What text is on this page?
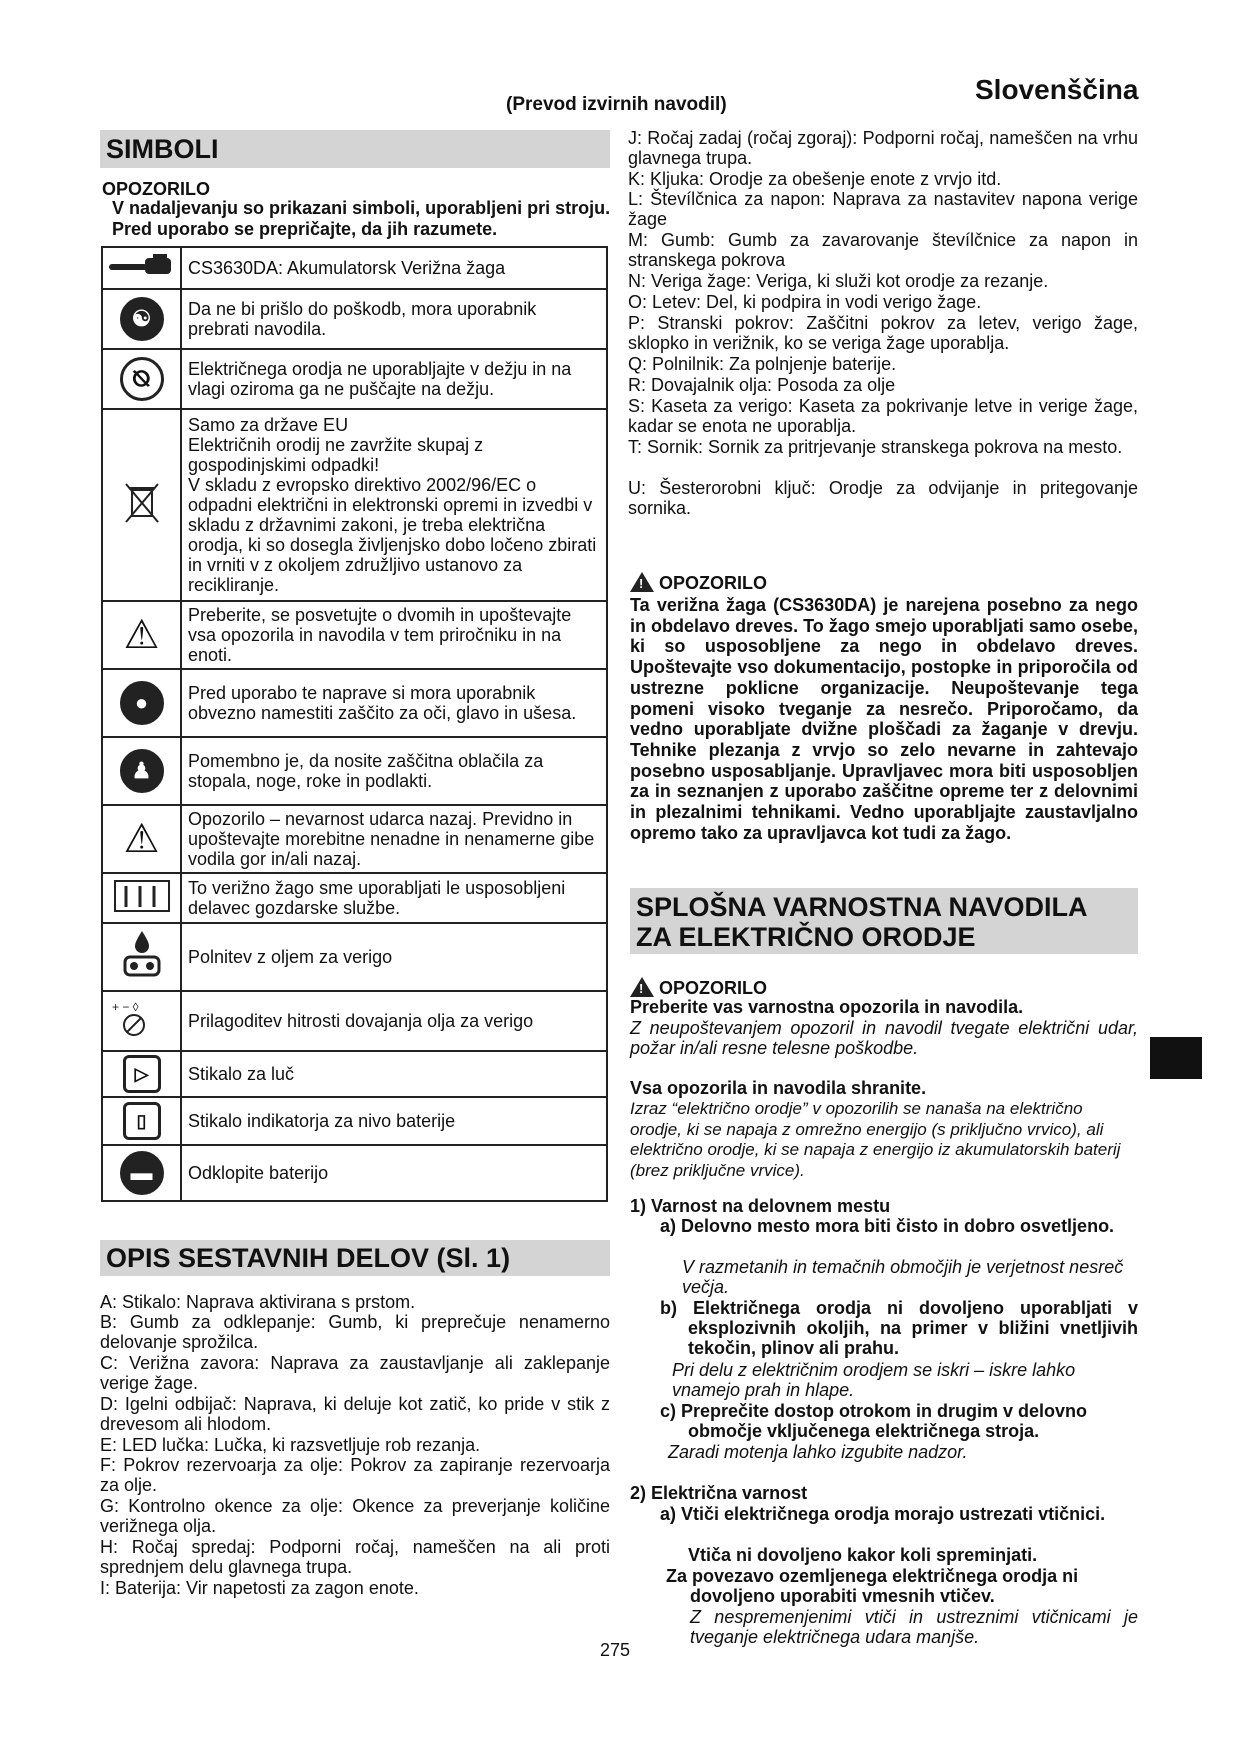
Slovenščina
(Prevod izvirnih navodil)
SIMBOLI
OPOZORILO
V nadaljevanju so prikazani simboli, uporabljeni pri stroju. Pred uporabo se prepričajte, da jih razumete.
	CS3630DA: Akumulatorsk Verižna žaga
☯	Da ne bi prišlo do poškodb, mora uporabnik prebrati navodila.
⦰	Električnega orodja ne uporabljajte v dežju in na vlagi oziroma ga ne puščajte na dežju.
	Samo za države EU
Električnih orodij ne zavržite skupaj z gospodinjskimi odpadki!
V skladu z evropsko direktivo 2002/96/EC o odpadni električni in elektronski opremi in izvedbi v skladu z državnimi zakoni, je treba električna orodja, ki so dosegla življenjsko dobo ločeno zbirati in vrniti v z okoljem združljivo ustanovo za recikliranje.
⚠	Preberite, se posvetujte o dvomih in upoštevajte vsa opozorila in navodila v tem priročniku in na enoti.
●	Pred uporabo te naprave si mora uporabnik obvezno namestiti zaščito za oči, glavo in ušesa.
♟	Pomembno je, da nosite zaščitna oblačila za stopala, noge, roke in podlakti.
⚠	Opozorilo – nevarnost udarca nazaj. Previdno in upoštevajte morebitne nenadne in nenamerne gibe vodila gor in/ali nazaj.
	To verižno žago sme uporabljati le usposobljeni delavec gozdarske službe.
	Polnitev z oljem za verigo

+ − ◊	Prilagoditev hitrosti dovajanja olja za verigo
▷	Stikalo za luč
▯	Stikalo indikatorja za nivo baterije
▬	Odklopite baterijo
OPIS SESTAVNIH DELOV (Sl. 1)
A: Stikalo: Naprava aktivirana s prstom.
B: Gumb za odklepanje: Gumb, ki preprečuje nenamerno delovanje sprožilca.
C: Verižna zavora: Naprava za zaustavljanje ali zaklepanje verige žage.
D: Igelni odbijač: Naprava, ki deluje kot zatič, ko pride v stik z drevesom ali hlodom.
E: LED lučka: Lučka, ki razsvetljuje rob rezanja.
F: Pokrov rezervoarja za olje: Pokrov za zapiranje rezervoarja za olje.
G: Kontrolno okence za olje: Okence za preverjanje količine verižnega olja.
H: Ročaj spredaj: Podporni ročaj, nameščen na ali proti sprednjem delu glavnega trupa.
I: Baterija: Vir napetosti za zagon enote.
J: Ročaj zadaj (ročaj zgoraj): Podporni ročaj, nameščen na vrhu glavnega trupa.
K: Kljuka: Orodje za obešenje enote z vrvjo itd.
L: Števílčnica za napon: Naprava za nastavitev napona verige žage
M: Gumb: Gumb za zavarovanje števílčnice za napon in stranskega pokrova
N: Veriga žage: Veriga, ki služi kot orodje za rezanje.
O: Letev: Del, ki podpira in vodi verigo žage.
P: Stranski pokrov: Zaščitni pokrov za letev, verigo žage, sklopko in verižnik, ko se veriga žage uporablja.
Q: Polnilnik: Za polnjenje baterije.
R: Dovajalnik olja: Posoda za olje
S: Kaseta za verigo: Kaseta za pokrivanje letve in verige žage, kadar se enota ne uporablja.
T: Sornik: Sornik za pritrjevanje stranskega pokrova na mesto.
U: Šesterorobni ključ: Orodje za odvijanje in pritegovanje sornika.
!OPOZORILO
Ta verižna žaga (CS3630DA) je narejena posebno za nego in obdelavo dreves. To žago smejo uporabljati samo osebe, ki so usposobljene za nego in obdelavo dreves. Upoštevajte vso dokumentacijo, postopke in priporočila od ustrezne poklicne organizacije. Neupoštevanje tega pomeni visoko tveganje za nesrečo. Priporočamo, da vedno uporabljate dvižne ploščadi za žaganje v drevju. Tehnike plezanja z vrvjo so zelo nevarne in zahtevajo posebno usposabljanje. Upravljavec mora biti usposobljen za in seznanjen z uporabo zaščitne opreme ter z delovnimi in plezalnimi tehnikami. Vedno uporabljajte zaustavljalno opremo tako za upravljavca kot tudi za žago.
SPLOŠNA VARNOSTNA NAVODILA
ZA ELEKTRIČNO ORODJE
!OPOZORILO
Preberite vas varnostna opozorila in navodila.
Z neupoštevanjem opozoril in navodil tvegate električni udar, požar in/ali resne telesne poškodbe.
Vsa opozorila in navodila shranite.
Izraz “električno orodje” v opozorilih se nanaša na električno orodje, ki se napaja z omrežno energijo (s priključno vrvico), ali električno orodje, ki se napaja z energijo iz akumulatorskih baterij (brez priključne vrvice).
1) Varnost na delovnem mestu
a) Delovno mesto mora biti čisto in dobro osvetljeno.
V razmetanih in temačnih območjih je verjetnost nesreč večja.
b) Električnega orodja ni dovoljeno uporabljati v eksplozivnih okoljih, na primer v bližini vnetljivih tekočin, plinov ali prahu.
Pri delu z električnim orodjem se iskri – iskre lahko vnamejo prah in hlape.
c) Preprečite dostop otrokom in drugim v delovno območje vključenega električnega stroja.
Zaradi motenja lahko izgubite nadzor.
2) Električna varnost
a) Vtiči električnega orodja morajo ustrezati vtičnici.
Vtiča ni dovoljeno kakor koli spreminjati.
Za povezavo ozemljenega električnega orodja ni dovoljeno uporabiti vmesnih vtičev.
Z nespremenjenimi vtiči in ustreznimi vtičnicami je tveganje električnega udara manjše.
275
